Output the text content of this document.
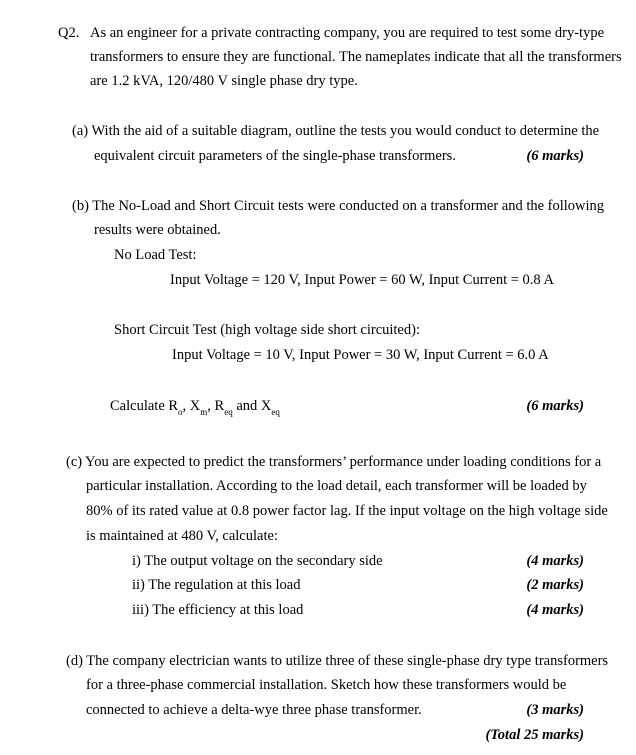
Q2. As an engineer for a private contracting company, you are required to test some dry-type
transformers to ensure they are functional. The nameplates indicate that all the transformers
are 1.2 kVA, 120/480 V single phase dry type.
(a) With the aid of a suitable diagram, outline the tests you would conduct to determine the
equivalent circuit parameters of the single-phase transformers.	(6 marks)
(b) The No-Load and Short Circuit tests were conducted on a transformer and the following
results were obtained.
No Load Test:
Input Voltage = 120 V, Input Power = 60 W, Input Current = 0.8 A
Short Circuit Test (high voltage side short circuited):
Input Voltage = 10 V, Input Power = 30 W, Input Current = 6.0 A
Calculate $R_o$, $X_m$, $R_{eq}$ and $X_{eq}$	(6 marks)
(c) You are expected to predict the transformers’ performance under loading conditions for a
particular installation. According to the load detail, each transformer will be loaded by
80% of its rated value at 0.8 power factor lag. If the input voltage on the high voltage side
is maintained at 480 V, calculate:
i) The output voltage on the secondary side	(4 marks)
ii) The regulation at this load	(2 marks)
iii) The efficiency at this load	(4 marks)
(d) The company electrician wants to utilize three of these single-phase dry type transformers
for a three-phase commercial installation. Sketch how these transformers would be
connected to achieve a delta-wye three phase transformer.	(3 marks)
(Total 25 marks)
